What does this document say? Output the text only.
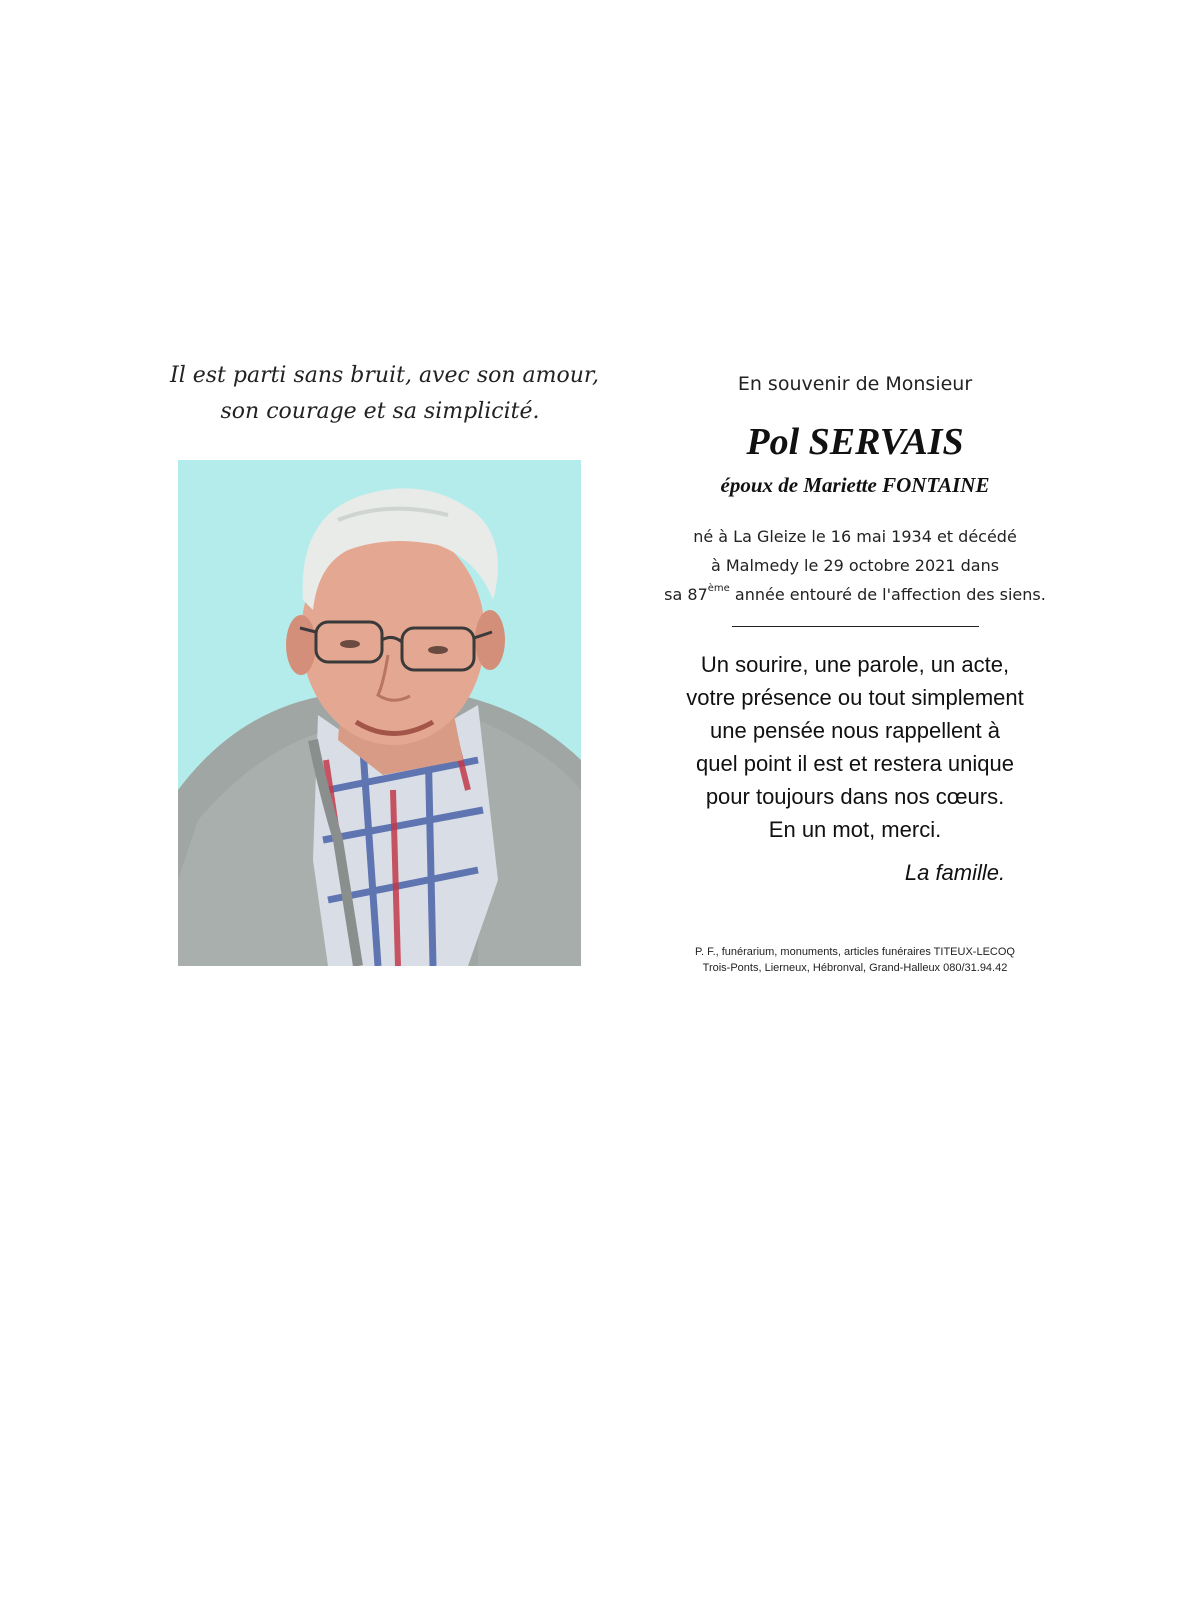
Il est parti sans bruit, avec son amour,
son courage et sa simplicité.
En souvenir de Monsieur
Pol SERVAIS
époux de Mariette FONTAINE
né à La Gleize le 16 mai 1934 et décédé
à Malmedy le 29 octobre 2021 dans
sa 87ème année entouré de l'affection des siens.
Un sourire, une parole, un acte,
votre présence ou tout simplement
une pensée nous rappellent à
quel point il est et restera unique
pour toujours dans nos cœurs.
En un mot, merci.
La famille.
P. F., funérarium, monuments, articles funéraires TITEUX-LECOQ
Trois-Ponts, Lierneux, Hébronval, Grand-Halleux 080/31.94.42
